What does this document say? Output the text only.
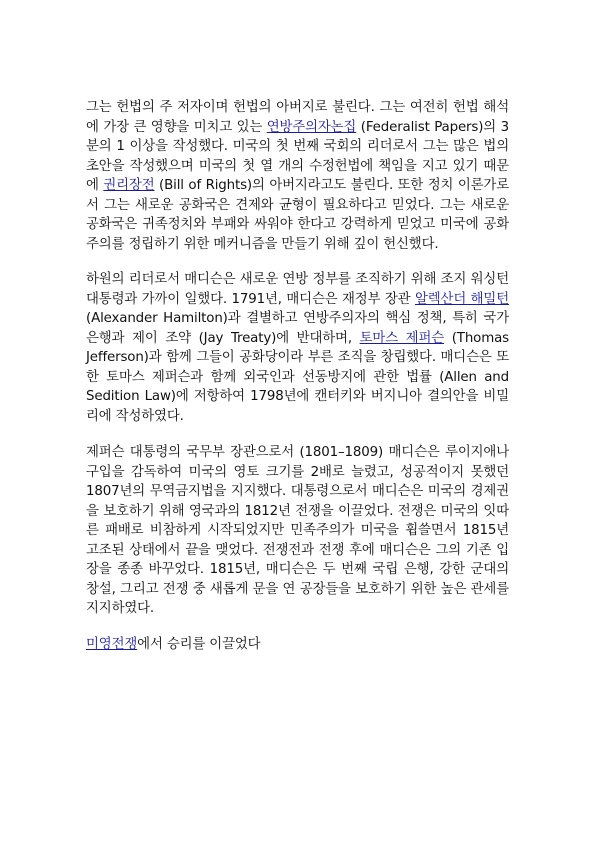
그는 헌법의 주 저자이며 헌법의 아버지로 불린다. 그는 여전히 헌법 해석에 가장 큰 영향을 미치고 있는 연방주의자논집 (Federalist Papers)의 3분의 1 이상을 작성했다. 미국의 첫 번째 국회의 리더로서 그는 많은 법의 초안을 작성했으며 미국의 첫 열 개의 수정헌법에 책임을 지고 있기 때문에 권리장전 (Bill of Rights)의 아버지라고도 불린다. 또한 정치 이론가로서 그는 새로운 공화국은 견제와 균형이 필요하다고 믿었다. 그는 새로운 공화국은 귀족정치와 부패와 싸워야 한다고 강력하게 믿었고 미국에 공화주의를 정립하기 위한 메커니즘을 만들기 위해 깊이 헌신했다.

하원의 리더로서 매디슨은 새로운 연방 정부를 조직하기 위해 조지 워싱턴 대통령과 가까이 일했다. 1791년, 매디슨은 재정부 장관 알렉산더 해밀턴 (Alexander Hamilton)과 결별하고 연방주의자의 핵심 정책, 특히 국가 은행과 제이 조약 (Jay Treaty)에 반대하며, 토마스 제퍼슨 (Thomas Jefferson)과 함께 그들이 공화당이라 부른 조직을 창립했다. 매디슨은 또한 토마스 제퍼슨과 함께 외국인과 선동방지에 관한 법률 (Allen and Sedition Law)에 저항하여 1798년에 캔터키와 버지니아 결의안을 비밀리에 작성하였다.

제퍼슨 대통령의 국무부 장관으로서 (1801–1809) 매디슨은 루이지애나 구입을 감독하여 미국의 영토 크기를 2배로 늘렸고, 성공적이지 못했던 1807년의 무역금지법을 지지했다. 대통령으로서 매디슨은 미국의 경제권을 보호하기 위해 영국과의 1812년 전쟁을 이끌었다. 전쟁은 미국의 잇따른 패배로 비참하게 시작되었지만 민족주의가 미국을 휩쓸면서 1815년 고조된 상태에서 끝을 맺었다. 전쟁전과 전쟁 후에 매디슨은 그의 기존 입장을 종종 바꾸었다. 1815년, 매디슨은 두 번째 국립 은행, 강한 군대의 창설, 그리고 전쟁 중 새롭게 문을 연 공장들을 보호하기 위한 높은 관세를 지지하였다.

미영전쟁에서 승리를 이끌었다
